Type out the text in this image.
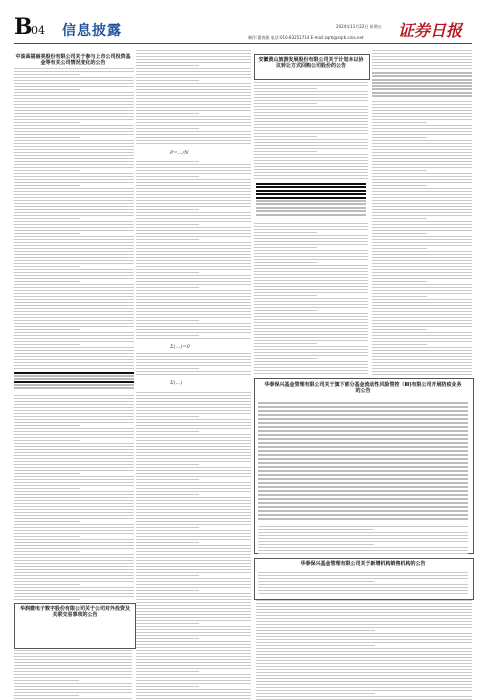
B
04 信息披露	2024年11月22日 星期五
制作:董春燕 电话:010-83251714 E-mail:zqrb@zqrb.sina.net 证券日报
中油高福丽美股份有限公司关于参与上市公司投资基金等有关公司情况变化的公告
华润微电子数字股份有限公司关于公司对外投资及关联交易事项的公告
P=…/N
Σ(…)=0
Σ(…)
安徽黄山旅游发展股份有限公司关于计划本以协议转让方式回购公司股份的公告
华泰保兴基金管理有限公司关于旗下部分基金流动性风险管控（Ⅲ)有限公司开展防疫业务的公告
华泰保兴基金管理有限公司关于新增机构销售机构的公告
